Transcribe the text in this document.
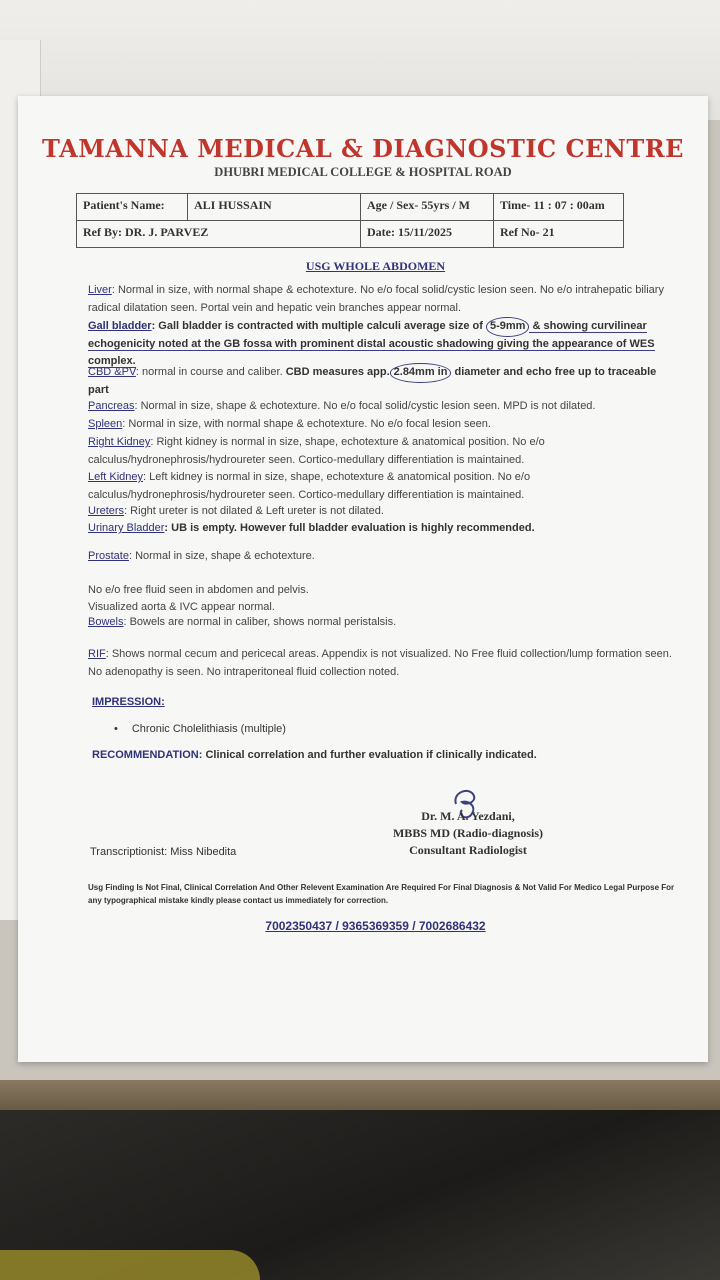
TAMANNA MEDICAL & DIAGNOSTIC CENTRE
DHUBRI MEDICAL COLLEGE & HOSPITAL ROAD
Patient's Name:	ALI HUSSAIN	Age / Sex- 55yrs / M	Time- 11 : 07 : 00am
Ref By: DR. J. PARVEZ		Date: 15/11/2025	Ref No- 21
USG WHOLE ABDOMEN
Liver: Normal in size, with normal shape & echotexture. No e/o focal solid/cystic lesion seen. No e/o intrahepatic biliary radical dilatation seen. Portal vein and hepatic vein branches appear normal.
Gall bladder: Gall bladder is contracted with multiple calculi average size of 5-9mm & showing curvilinear echogenicity noted at the GB fossa with prominent distal acoustic shadowing giving the appearance of WES complex.
CBD &PV: normal in course and caliber. CBD measures app. 2.84mm in diameter and echo free up to traceable part
Pancreas: Normal in size, shape & echotexture. No e/o focal solid/cystic lesion seen. MPD is not dilated.
Spleen: Normal in size, with normal shape & echotexture. No e/o focal lesion seen.
Right Kidney: Right kidney is normal in size, shape, echotexture & anatomical position. No e/o calculus/hydronephrosis/hydroureter seen. Cortico-medullary differentiation is maintained.
Left Kidney: Left kidney is normal in size, shape, echotexture & anatomical position. No e/o calculus/hydronephrosis/hydroureter seen. Cortico-medullary differentiation is maintained.
Ureters: Right ureter is not dilated & Left ureter is not dilated.
Urinary Bladder: UB is empty. However full bladder evaluation is highly recommended.
Prostate: Normal in size, shape & echotexture.
No e/o free fluid seen in abdomen and pelvis.
Visualized aorta & IVC appear normal.
Bowels: Bowels are normal in caliber, shows normal peristalsis.
RIF: Shows normal cecum and pericecal areas. Appendix is not visualized. No Free fluid collection/lump formation seen. No adenopathy is seen. No intraperitoneal fluid collection noted.
IMPRESSION:
• Chronic Cholelithiasis (multiple)
RECOMMENDATION: Clinical correlation and further evaluation if clinically indicated.
Dr. M. A. Yezdani,
MBBS MD (Radio-diagnosis)
Consultant Radiologist
Transcriptionist: Miss Nibedita
Usg Finding Is Not Final, Clinical Correlation And Other Relevent Examination Are Required For Final Diagnosis & Not Valid For Medico Legal Purpose For any typographical mistake kindly please contact us immediately for correction.
7002350437 / 9365369359 / 7002686432
